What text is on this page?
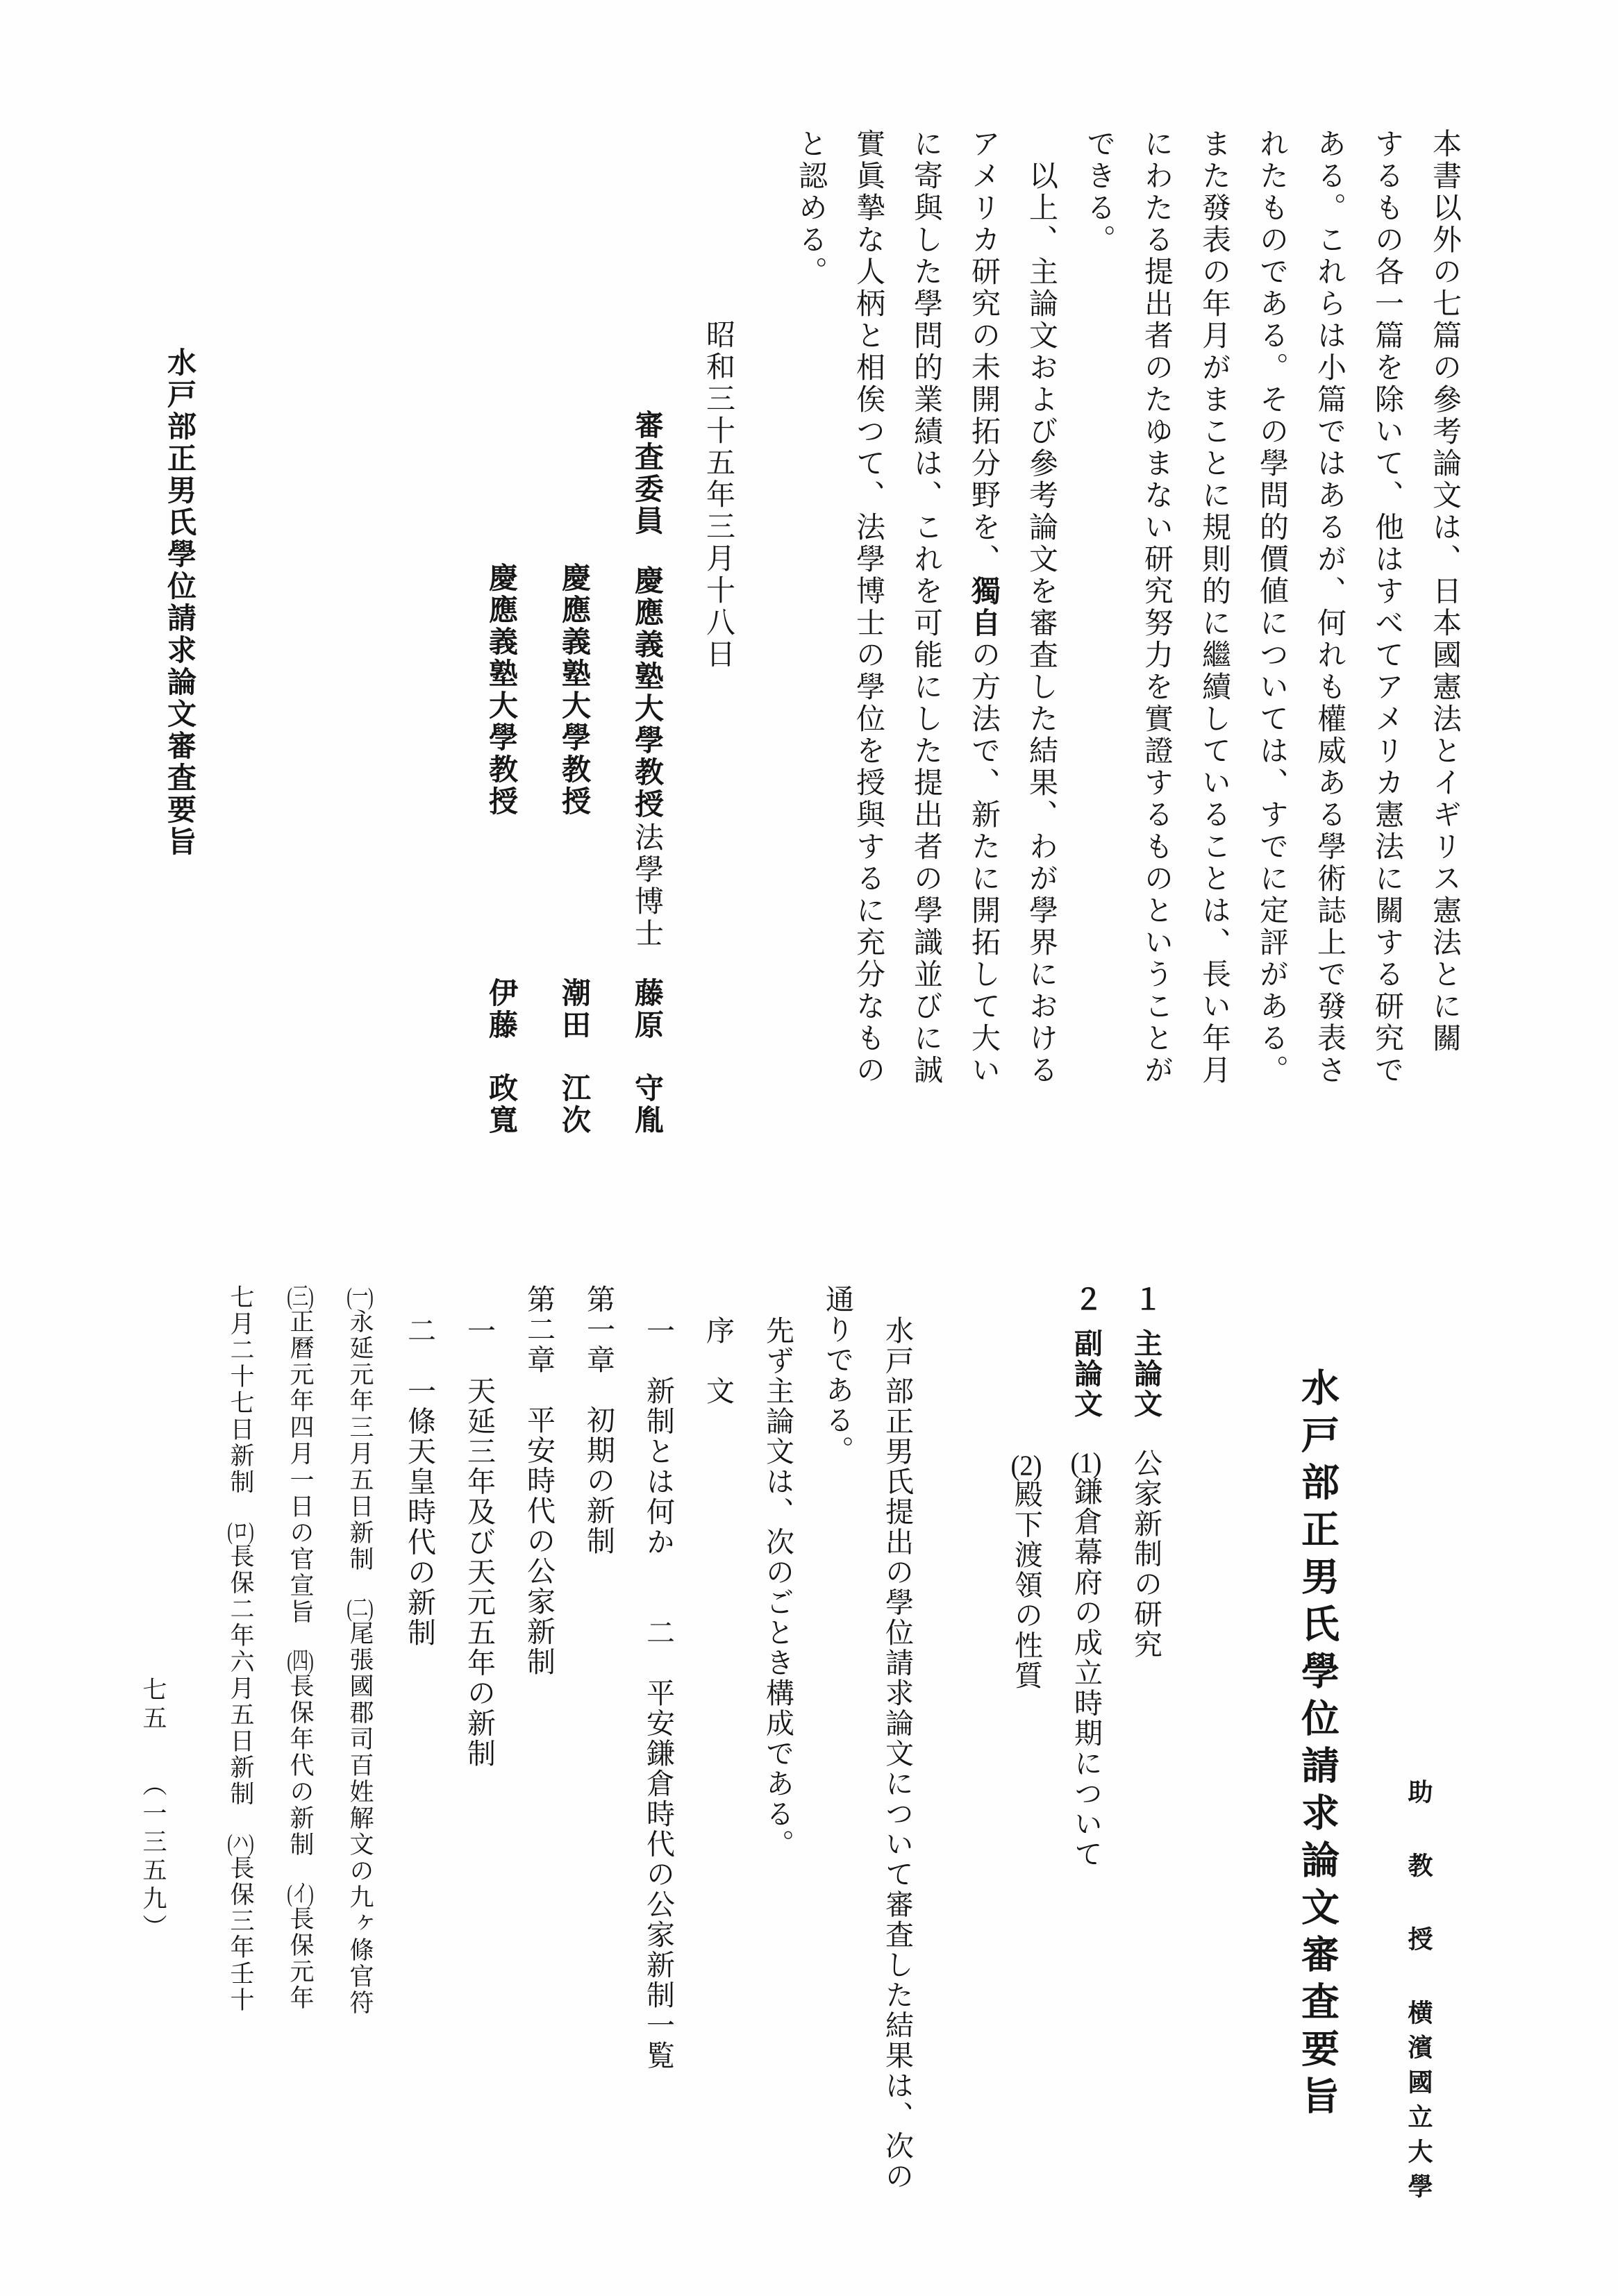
本書以外の七篇の參考論文は、日本國憲法とイギリス憲法とに關
するもの各一篇を除いて、他はすべてアメリカ憲法に關する研究で
ある。これらは小篇ではあるが、何れも權威ある學術誌上で發表さ
れたものである。その學問的價値については、すでに定評がある。
また發表の年月がまことに規則的に繼續していることは、長い年月
にわたる提出者のたゆまない研究努力を實證するものということが
できる。
以上、主論文および參考論文を審査した結果、わが學界における
アメリカ研究の未開拓分野を、獨自の方法で、新たに開拓して大い
に寄與した學問的業績は、これを可能にした提出者の學識並びに誠
實眞摯な人柄と相俟つて、法學博士の學位を授與するに充分なもの
と認める。
昭和三十五年三月十八日
審査委員慶應義塾大學教授法學博士藤原守胤
慶應義塾大學教授潮田江次
慶應義塾大學教授伊藤政寬
水戸部正男氏學位請求論文審査要旨
横濱國立大學
助教授
水戸部正男氏學位請求論文審査要旨
１主論文公家新制の研究
２副論文(1)鎌倉幕府の成立時期について
(2)殿下渡領の性質
水戸部正男氏提出の學位請求論文について審査した結果は、次の
通りである。
先ず主論文は、次のごとき構成である。
序　文
一　新制とは何か　　二　平安鎌倉時代の公家新制一覧
第一章　初期の新制
第二章　平安時代の公家新制
一　天延三年及び天元五年の新制
二　一條天皇時代の新制
(一)永延元年三月五日新制(二)尾張國郡司百姓解文の九ヶ條官符
(三)正曆元年四月一日の官宣旨(四)長保年代の新制(イ)長保元年
七月二十七日新制(ロ)長保二年六月五日新制(ハ)長保三年壬十
七五（一三五九）
